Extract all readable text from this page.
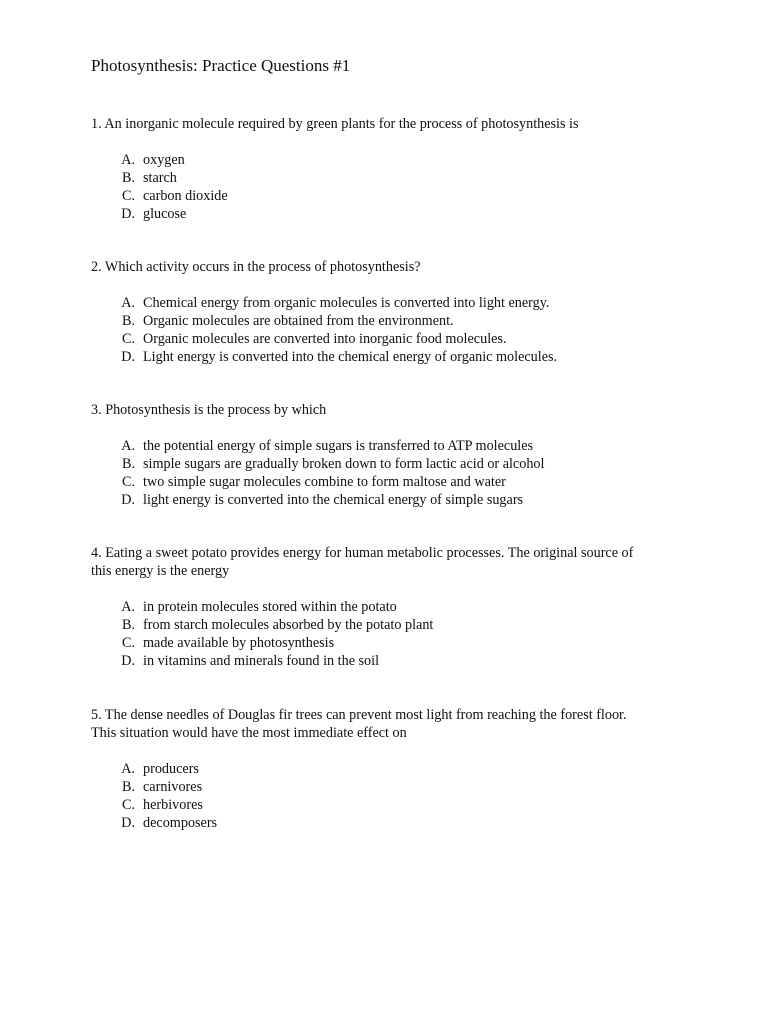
Photosynthesis: Practice Questions #1
1. An inorganic molecule required by green plants for the process of photosynthesis is
A. oxygen
B. starch
C. carbon dioxide
D. glucose
2. Which activity occurs in the process of photosynthesis?
A. Chemical energy from organic molecules is converted into light energy.
B. Organic molecules are obtained from the environment.
C. Organic molecules are converted into inorganic food molecules.
D. Light energy is converted into the chemical energy of organic molecules.
3. Photosynthesis is the process by which
A. the potential energy of simple sugars is transferred to ATP molecules
B. simple sugars are gradually broken down to form lactic acid or alcohol
C. two simple sugar molecules combine to form maltose and water
D. light energy is converted into the chemical energy of simple sugars
4. Eating a sweet potato provides energy for human metabolic processes. The original source of
this energy is the energy
A. in protein molecules stored within the potato
B. from starch molecules absorbed by the potato plant
C. made available by photosynthesis
D. in vitamins and minerals found in the soil
5. The dense needles of Douglas fir trees can prevent most light from reaching the forest floor.
This situation would have the most immediate effect on
A. producers
B. carnivores
C. herbivores
D. decomposers
